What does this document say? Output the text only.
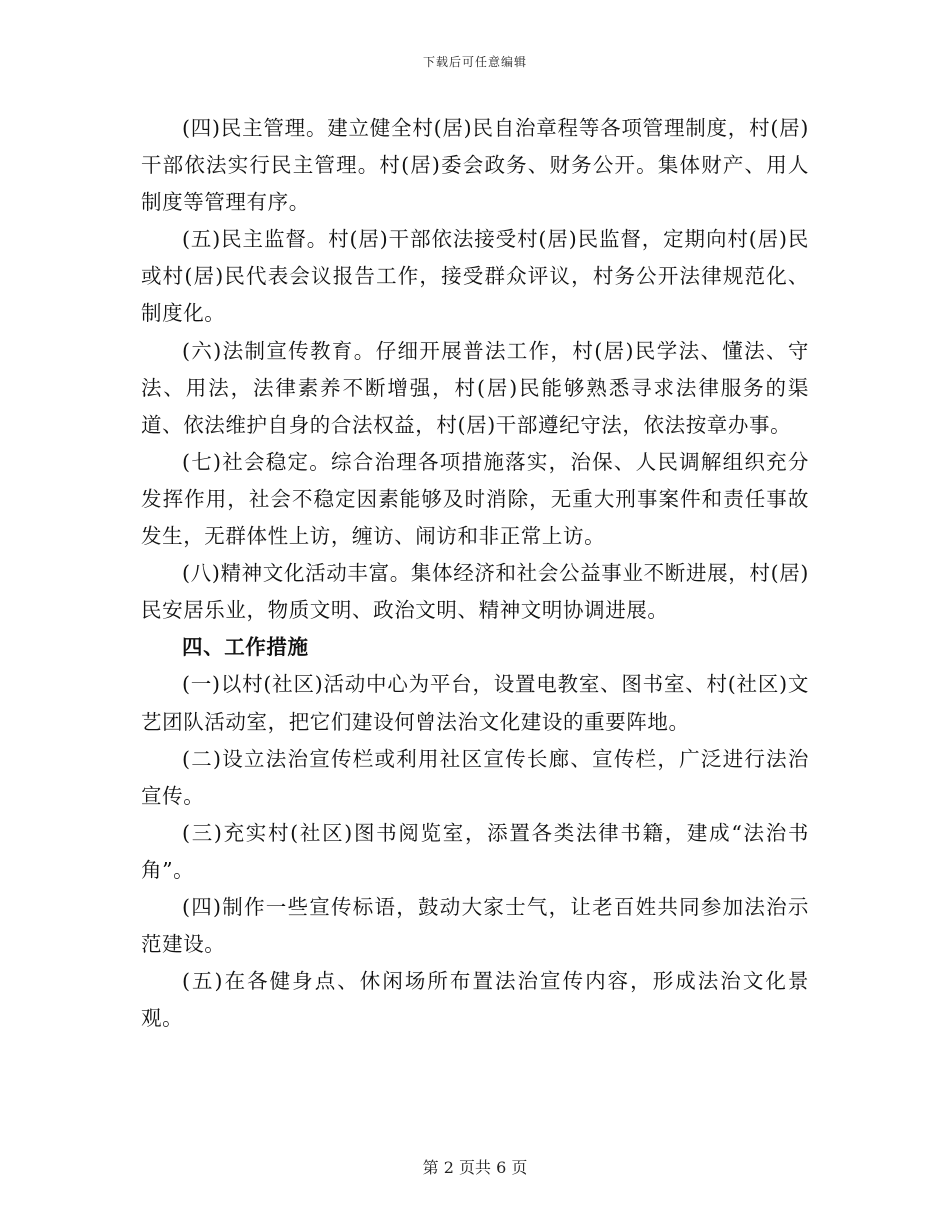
下载后可任意编辑

(四)民主管理。建立健全村(居)民自治章程等各项管理制度，村(居)干部依法实行民主管理。村(居)委会政务、财务公开。集体财产、用人制度等管理有序。

(五)民主监督。村(居)干部依法接受村(居)民监督，定期向村(居)民或村(居)民代表会议报告工作，接受群众评议，村务公开法律规范化、制度化。

(六)法制宣传教育。仔细开展普法工作，村(居)民学法、懂法、守法、用法，法律素养不断增强，村(居)民能够熟悉寻求法律服务的渠道、依法维护自身的合法权益，村(居)干部遵纪守法，依法按章办事。

(七)社会稳定。综合治理各项措施落实，治保、人民调解组织充分发挥作用，社会不稳定因素能够及时消除，无重大刑事案件和责任事故发生，无群体性上访，缠访、闹访和非正常上访。

(八)精神文化活动丰富。集体经济和社会公益事业不断进展，村(居)民安居乐业，物质文明、政治文明、精神文明协调进展。

四、工作措施

(一)以村(社区)活动中心为平台，设置电教室、图书室、村(社区)文艺团队活动室，把它们建设何曾法治文化建设的重要阵地。

(二)设立法治宣传栏或利用社区宣传长廊、宣传栏，广泛进行法治宣传。

(三)充实村(社区)图书阅览室，添置各类法律书籍，建成“法治书角”。

(四)制作一些宣传标语，鼓动大家士气，让老百姓共同参加法治示范建设。

(五)在各健身点、休闲场所布置法治宣传内容，形成法治文化景观。

第 2 页共 6 页
